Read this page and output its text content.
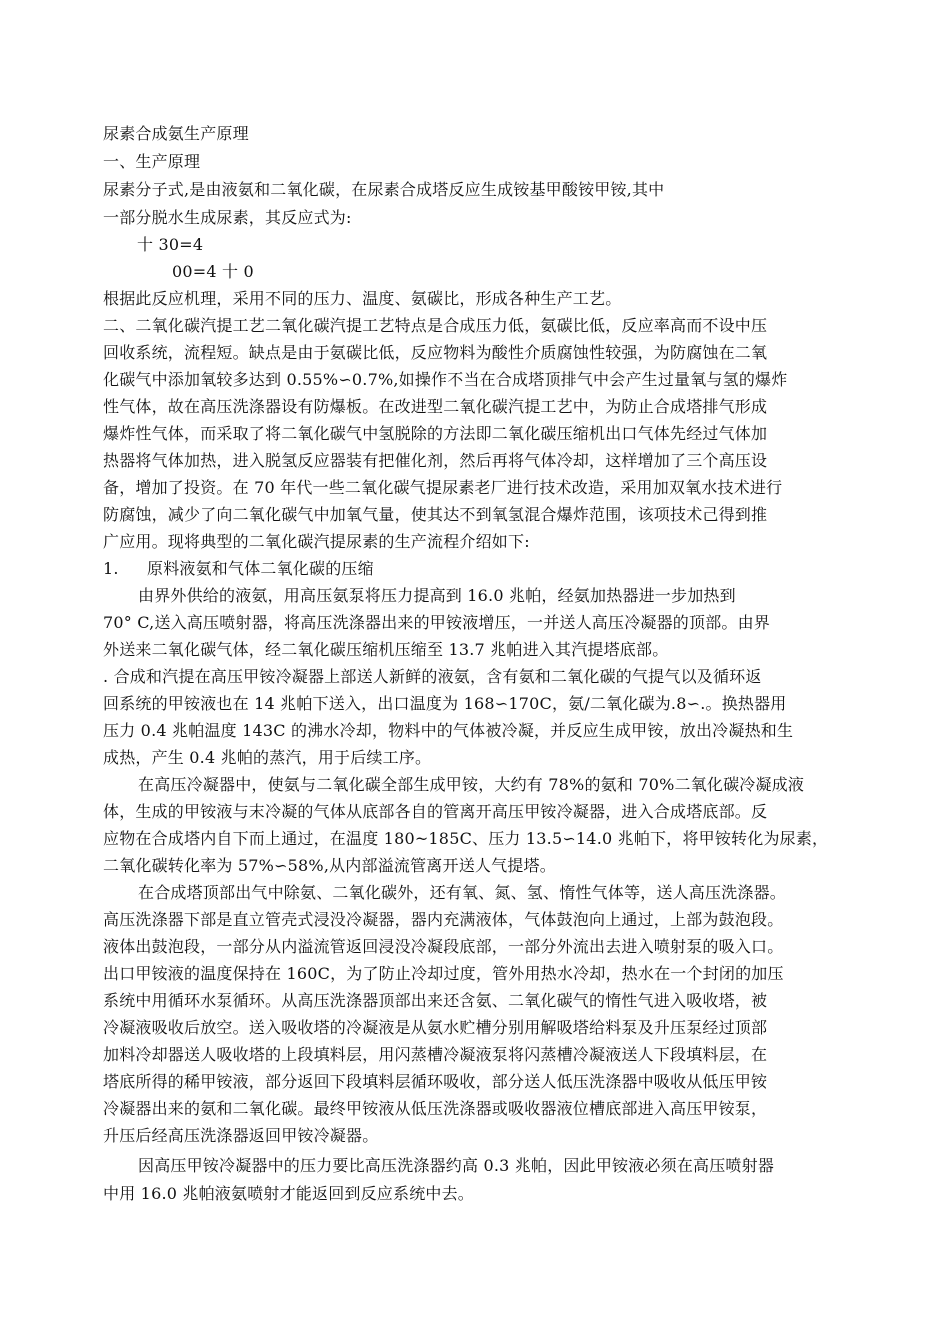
尿素合成氨生产原理
一、生产原理
尿素分子式,是由液氨和二氧化碳，在尿素合成塔反应生成铵基甲酸铵甲铵,其中
一部分脱水生成尿素，其反应式为:
十 30=4
00=4 十 0
根据此反应机理，采用不同的压力、温度、氨碳比，形成各种生产工艺。
二、二氧化碳汽提工艺二氧化碳汽提工艺特点是合成压力低，氨碳比低，反应率高而不设中压
回收系统，流程短。缺点是由于氨碳比低，反应物料为酸性介质腐蚀性较强，为防腐蚀在二氧
化碳气中添加氧较多达到 0.55%∽0.7%,如操作不当在合成塔顶排气中会产生过量氧与氢的爆炸
性气体，故在高压洗涤器设有防爆板。在改进型二氧化碳汽提工艺中，为防止合成塔排气形成
爆炸性气体，而采取了将二氧化碳气中氢脱除的方法即二氧化碳压缩机出口气体先经过气体加
热器将气体加热，进入脱氢反应器装有把催化剂，然后再将气体冷却，这样增加了三个高压设
备，增加了投资。在 70 年代一些二氧化碳气提尿素老厂进行技术改造，采用加双氧水技术进行
防腐蚀，减少了向二氧化碳气中加氧气量，使其达不到氧氢混合爆炸范围，该项技术己得到推
广应用。现将典型的二氧化碳汽提尿素的生产流程介绍如下:
1. 原料液氨和气体二氧化碳的压缩
由界外供给的液氨，用高压氨泵将压力提高到 16.0 兆帕，经氨加热器进一步加热到
70° C,送入高压喷射器，将高压洗涤器出来的甲铵液增压，一并送人高压冷凝器的顶部。由界
外送来二氧化碳气体，经二氧化碳压缩机压缩至 13.7 兆帕进入其汽提塔底部。
. 合成和汽提在高压甲铵冷凝器上部送人新鲜的液氨，含有氨和二氧化碳的气提气以及循环返
回系统的甲铵液也在 14 兆帕下送入，出口温度为 168∽170C，氨/二氧化碳为.8∽.。换热器用
压力 0.4 兆帕温度 143C 的沸水冷却，物料中的气体被冷凝，并反应生成甲铵，放出冷凝热和生
成热，产生 0.4 兆帕的蒸汽，用于后续工序。
在高压冷凝器中，使氨与二氧化碳全部生成甲铵，大约有 78%的氨和 70%二氧化碳冷凝成液
体，生成的甲铵液与末冷凝的气体从底部各自的管离开高压甲铵冷凝器，进入合成塔底部。反
应物在合成塔内自下而上通过，在温度 180~185C、压力 13.5∽14.0 兆帕下，将甲铵转化为尿素，
二氧化碳转化率为 57%∽58%,从内部溢流管离开送人气提塔。
在合成塔顶部出气中除氨、二氧化碳外，还有氧、氮、氢、惰性气体等，送人高压洗涤器。
高压洗涤器下部是直立管壳式浸没冷凝器，器内充满液体，气体鼓泡向上通过，上部为鼓泡段。
液体出鼓泡段，一部分从内溢流管返回浸没冷凝段底部，一部分外流出去进入喷射泵的吸入口。
出口甲铵液的温度保持在 160C，为了防止冷却过度，管外用热水冷却，热水在一个封闭的加压
系统中用循环水泵循环。从高压洗涤器顶部出来还含氨、二氧化碳气的惰性气进入吸收塔，被
冷凝液吸收后放空。送入吸收塔的冷凝液是从氨水贮槽分别用解吸塔给料泵及升压泵经过顶部
加料冷却器送人吸收塔的上段填料层，用闪蒸槽冷凝液泵将闪蒸槽冷凝液送人下段填料层，在
塔底所得的稀甲铵液，部分返回下段填料层循环吸收，部分送人低压洗涤器中吸收从低压甲铵
冷凝器出来的氨和二氧化碳。最终甲铵液从低压洗涤器或吸收器液位槽底部进入高压甲铵泵，
升压后经高压洗涤器返回甲铵冷凝器。
因高压甲铵冷凝器中的压力要比高压洗涤器约高 0.3 兆帕，因此甲铵液必须在高压喷射器
中用 16.0 兆帕液氨喷射才能返回到反应系统中去。
